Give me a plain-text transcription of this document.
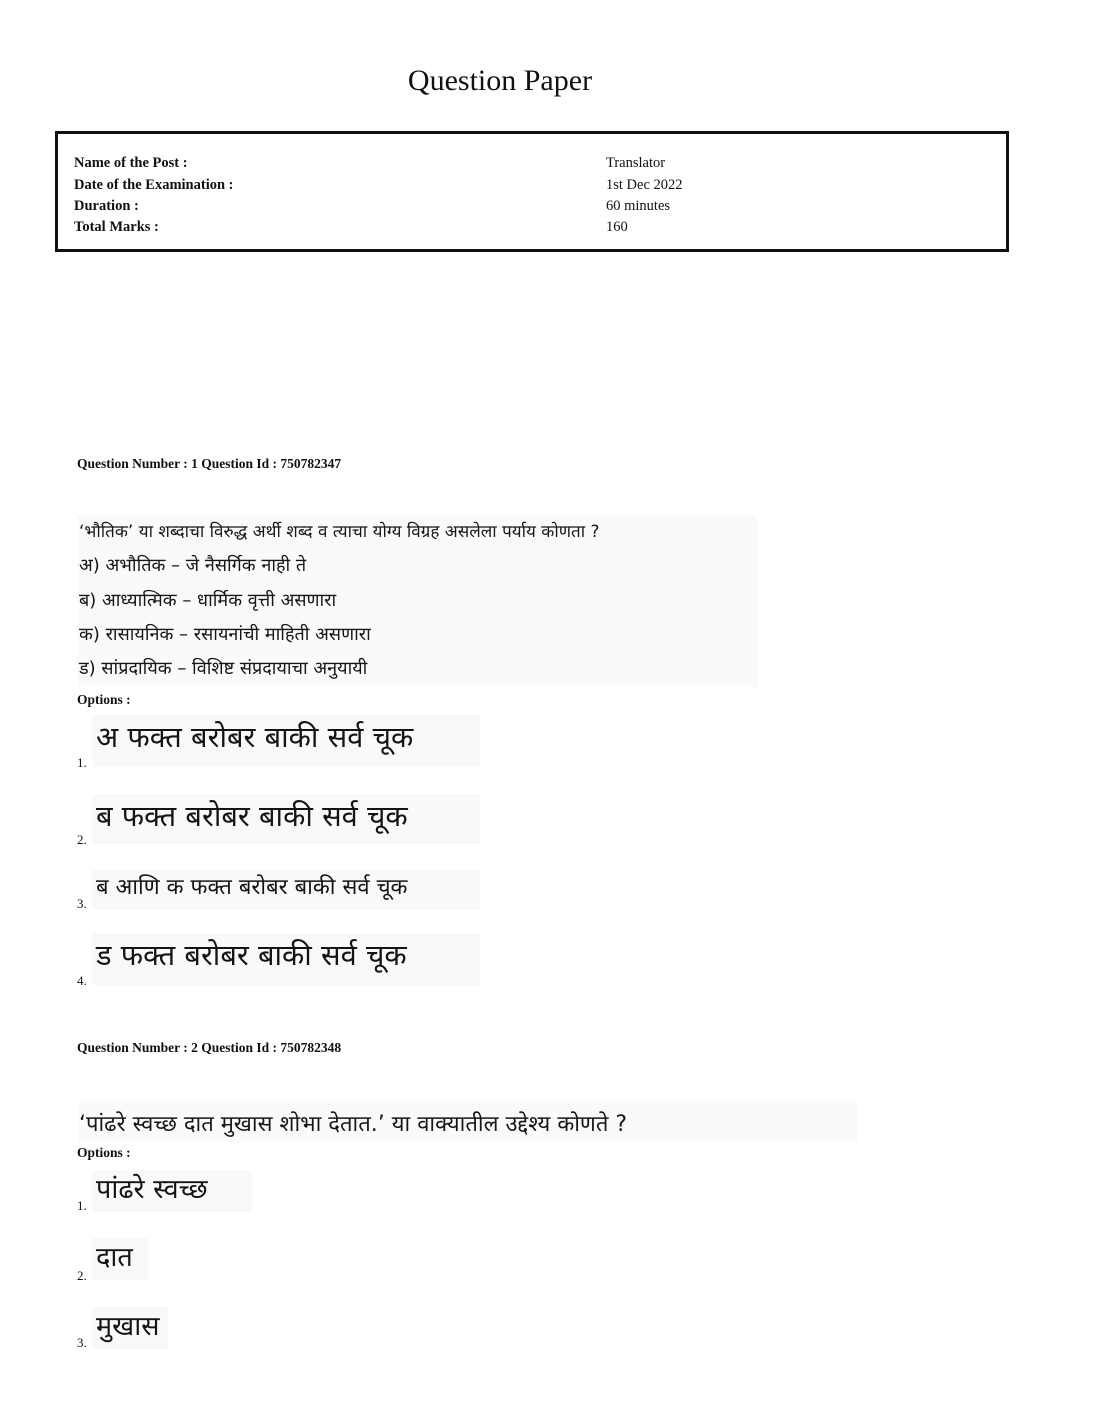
Question Paper
Name of the Post :	Translator
Date of the Examination :	1st Dec 2022
Duration :	60 minutes
Total Marks :	160
Question Number : 1 Question Id : 750782347
‘भौतिक’ या शब्दाचा विरुद्ध अर्थी शब्द व त्याचा योग्य विग्रह असलेला पर्याय कोणता ?
अ) अभौतिक – जे नैसर्गिक नाही ते
ब) आध्यात्मिक – धार्मिक वृत्ती असणारा
क) रासायनिक – रसायनांची माहिती असणारा
ड) सांप्रदायिक – विशिष्ट संप्रदायाचा अनुयायी
Options :
1.
अ फक्त बरोबर बाकी सर्व चूक
2.
ब फक्त बरोबर बाकी सर्व चूक
3.
ब आणि क फक्त बरोबर बाकी सर्व चूक
4.
ड फक्त बरोबर बाकी सर्व चूक
Question Number : 2 Question Id : 750782348
‘पांढरे स्वच्छ दात मुखास शोभा देतात.’ या वाक्यातील उद्देश्य कोणते ?
Options :
1.
पांढरे स्वच्छ
2.
दात
3.
मुखास
